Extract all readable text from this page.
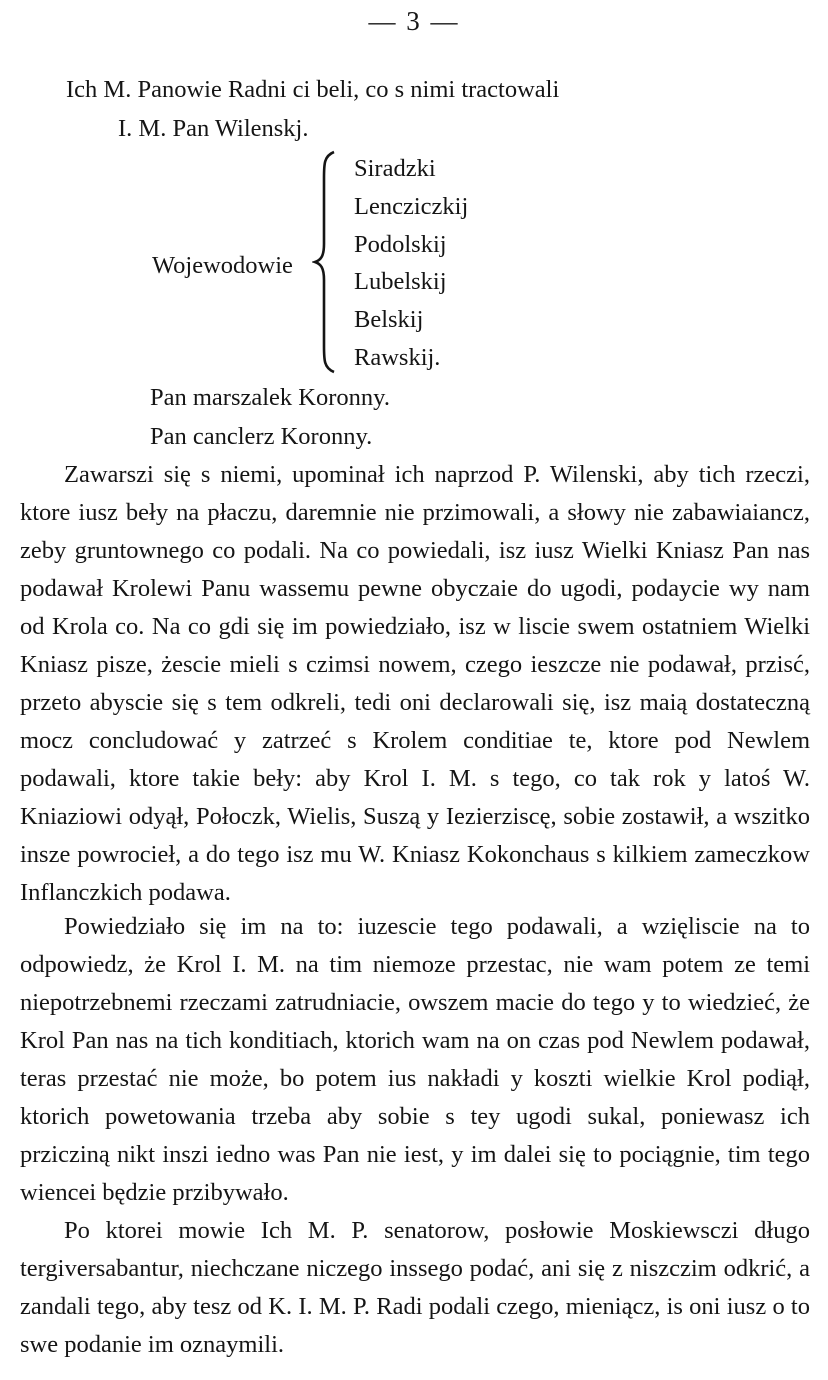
— 3 —
Ich M. Panowie Radni ci beli, co s nimi tractowali
I. M. Pan Wilenskj.
Wojewodowie
Siradzki
Lencziczkij
Podolskij
Lubelskij
Belskij
Rawskij.
Pan marszalek Koronny.
Pan canclerz Koronny.
Zawarszi się s niemi, upominał ich naprzod P. Wilenski, aby tich rzeczi, ktore iusz beły na płaczu, daremnie nie przimowali, a słowy nie zabawiaiancz, zeby gruntownego co podali. Na co powiedali, isz iusz Wielki Kniasz Pan nas podawał Krolewi Panu wassemu pewne obyczaie do ugodi, podaycie wy nam od Krola co. Na co gdi się im powiedziało, isz w liscie swem ostatniem Wielki Kniasz pisze, żescie mieli s czimsi nowem, czego ieszcze nie podawał, przisć, przeto abyscie się s tem odkreli, tedi oni declarowali się, isz maią dostateczną mocz concludować y zatrzeć s Krolem conditiae te, ktore pod Newlem podawali, ktore takie beły: aby Krol I. M. s tego, co tak rok y latoś W. Kniaziowi odyął, Połoczk, Wielis, Suszą y Iezierziscę, sobie zostawił, a wszitko insze powrocieł, a do tego isz mu W. Kniasz Kokonchaus s kilkiem zameczkow Inflanczkich podawa.
Powiedziało się im na to: iuzescie tego podawali, a wzięliscie na to odpowiedz, że Krol I. M. na tim niemoze przestac, nie wam potem ze temi niepotrzebnemi rzeczami zatrudniacie, owszem macie do tego y to wiedzieć, że Krol Pan nas na tich konditiach, ktorich wam na on czas pod Newlem podawał, teras przestać nie może, bo potem ius nakładi y koszti wielkie Krol podiął, ktorich powetowania trzeba aby sobie s tey ugodi sukal, poniewasz ich przicziną nikt inszi iedno was Pan nie iest, y im dalei się to pociągnie, tim tego wiencei będzie przibywało.
Po ktorei mowie Ich M. P. senatorow, posłowie Moskiewsczi długo tergiversabantur, niechczane niczego inssego podać, ani się z niszczim odkrić, a zandali tego, aby tesz od K. I. M. P. Radi podali czego, mieniącz, is oni iusz o to swe podanie im oznaymili.
